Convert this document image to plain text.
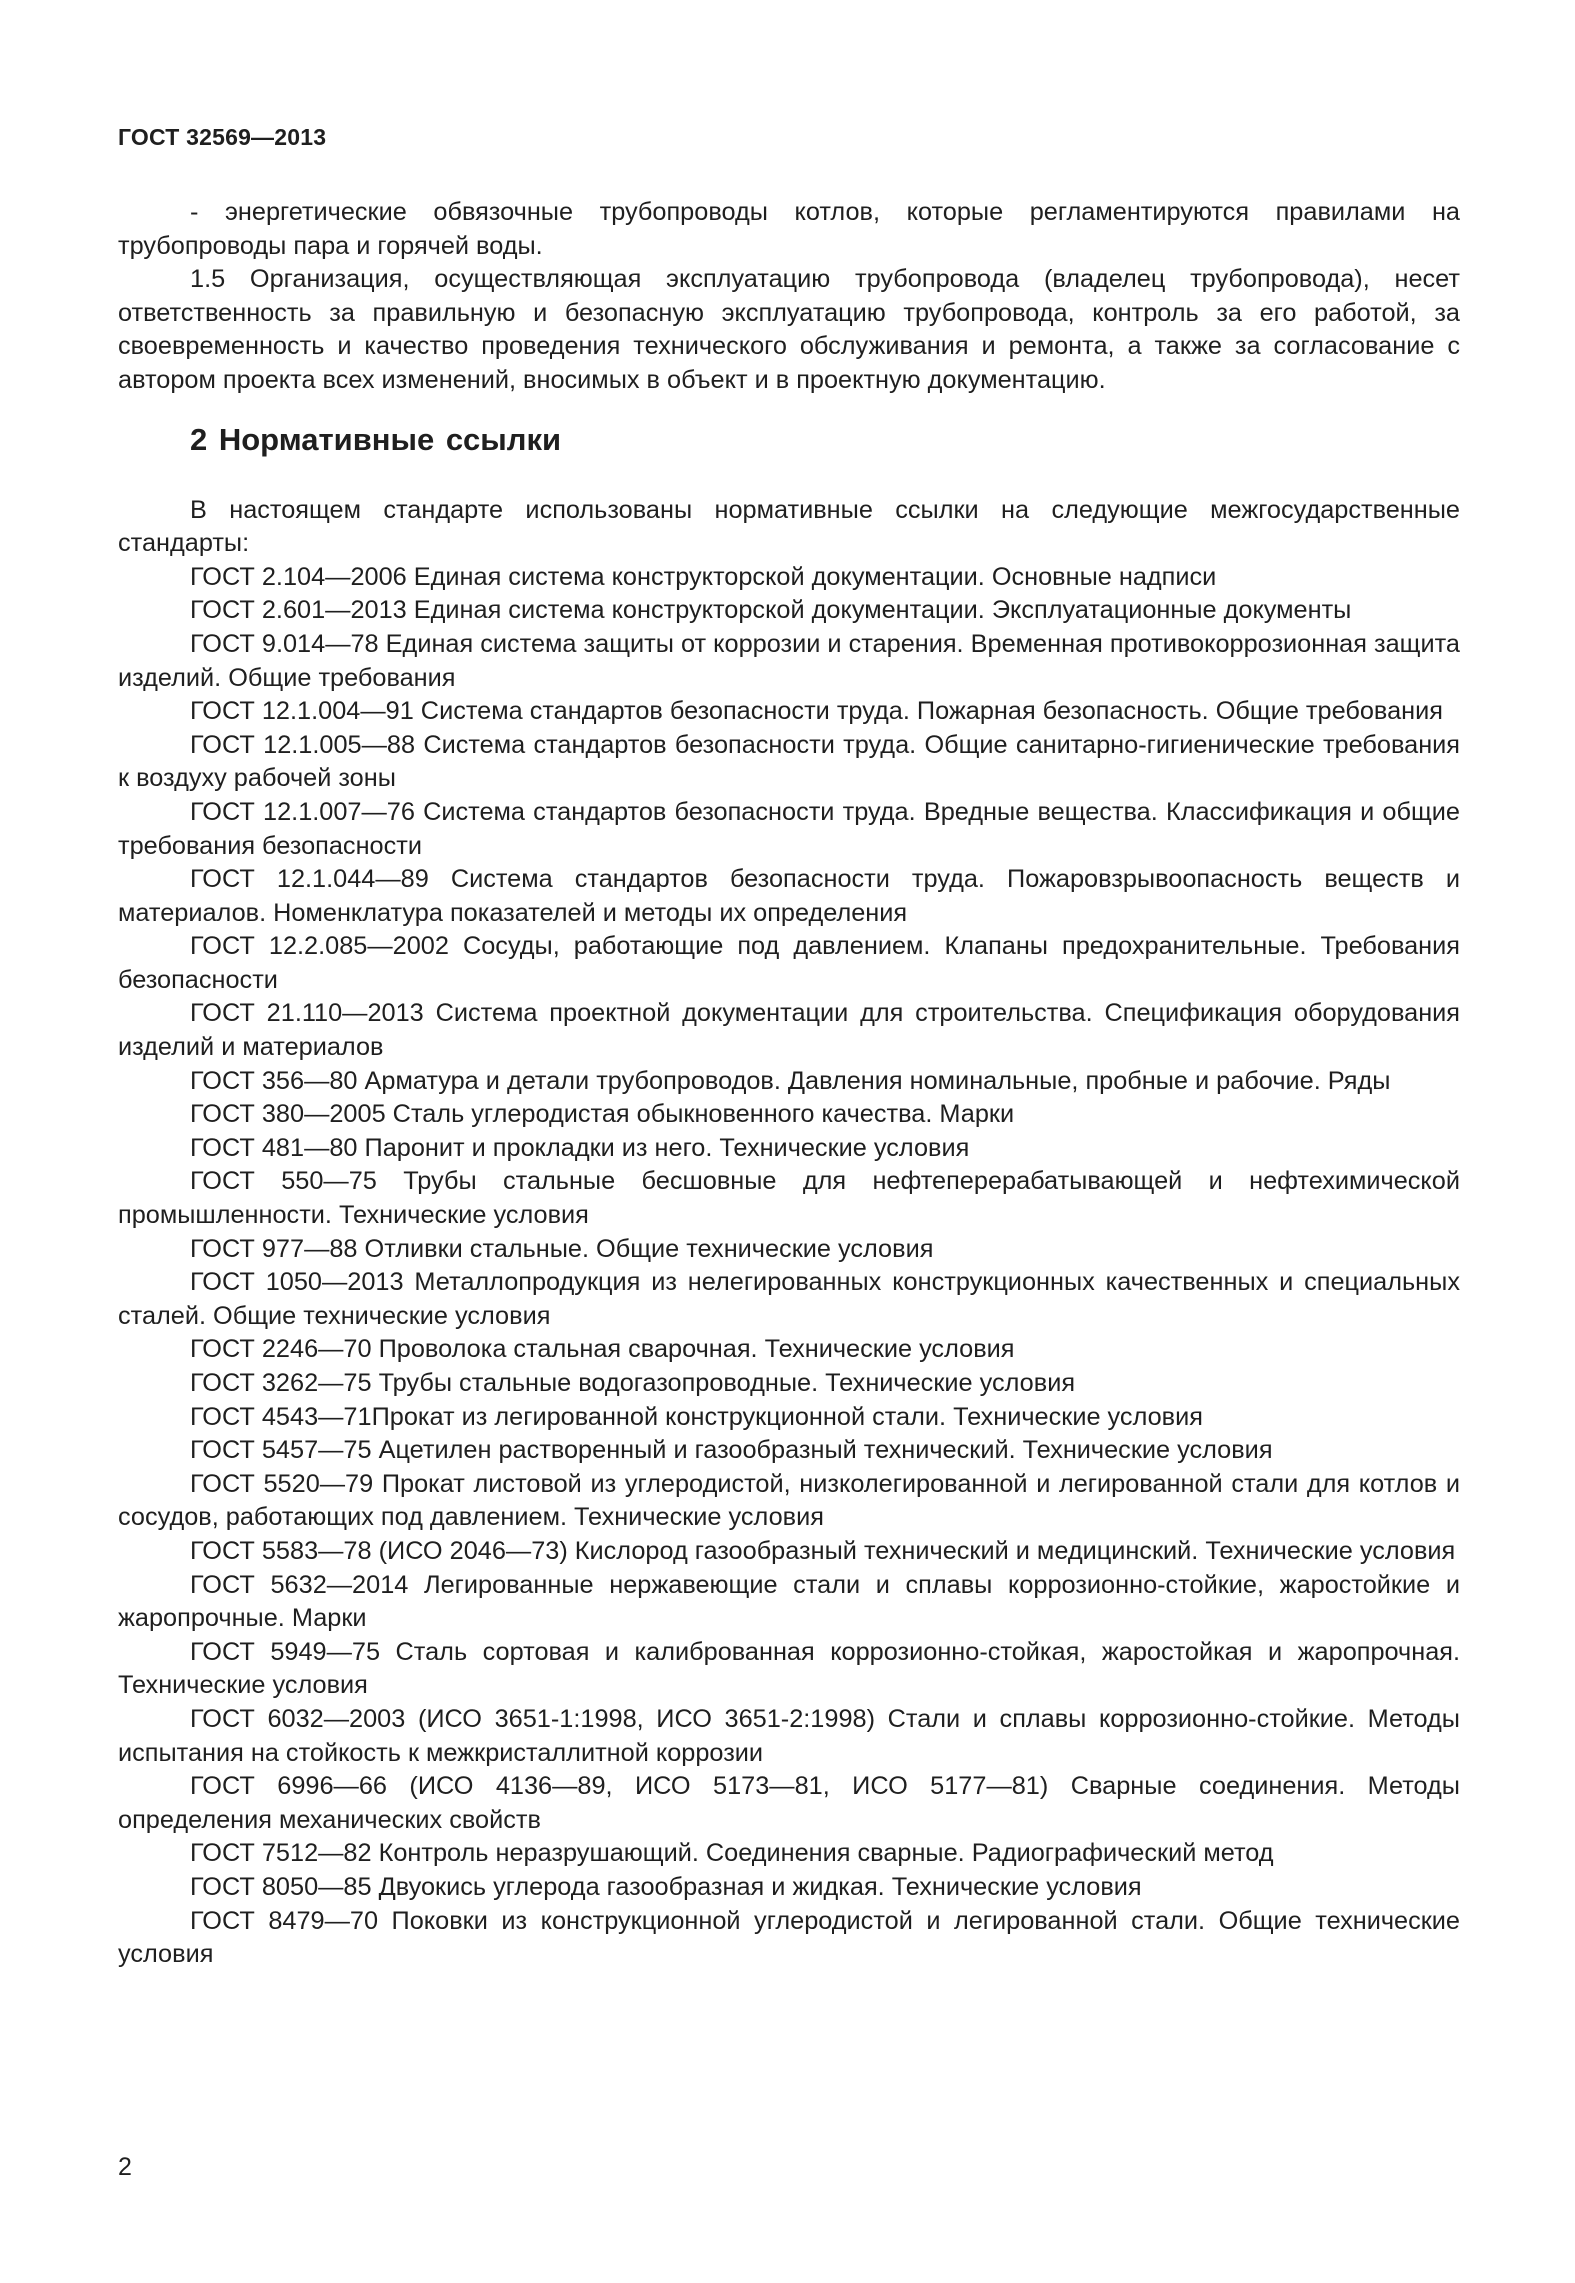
ГОСТ 32569—2013

- энергетические обвязочные трубопроводы котлов, которые регламентируются правилами на трубопроводы пара и горячей воды.

1.5 Организация, осуществляющая эксплуатацию трубопровода (владелец трубопровода), несет ответственность за правильную и безопасную эксплуатацию трубопровода, контроль за его работой, за своевременность и качество проведения технического обслуживания и ремонта, а также за согласование с автором проекта всех изменений, вносимых в объект и в проектную документацию.

2 Нормативные ссылки

В настоящем стандарте использованы нормативные ссылки на следующие межгосударственные стандарты:

ГОСТ 2.104—2006 Единая система конструкторской документации. Основные надписи

ГОСТ 2.601—2013 Единая система конструкторской документации. Эксплуатационные документы

ГОСТ 9.014—78 Единая система защиты от коррозии и старения. Временная противокоррозионная защита изделий. Общие требования

ГОСТ 12.1.004—91 Система стандартов безопасности труда. Пожарная безопасность. Общие требования

ГОСТ 12.1.005—88 Система стандартов безопасности труда. Общие санитарно-гигиенические требования к воздуху рабочей зоны

ГОСТ 12.1.007—76 Система стандартов безопасности труда. Вредные вещества. Классификация и общие требования безопасности

ГОСТ 12.1.044—89 Система стандартов безопасности труда. Пожаровзрывоопасность веществ и материалов. Номенклатура показателей и методы их определения

ГОСТ 12.2.085—2002 Сосуды, работающие под давлением. Клапаны предохранительные. Требования безопасности

ГОСТ 21.110—2013 Система проектной документации для строительства. Спецификация оборудования изделий и материалов

ГОСТ 356—80 Арматура и детали трубопроводов. Давления номинальные, пробные и рабочие. Ряды

ГОСТ 380—2005 Сталь углеродистая обыкновенного качества. Марки

ГОСТ 481—80 Паронит и прокладки из него. Технические условия

ГОСТ 550—75 Трубы стальные бесшовные для нефтеперерабатывающей и нефтехимической промышленности. Технические условия

ГОСТ 977—88 Отливки стальные. Общие технические условия

ГОСТ 1050—2013 Металлопродукция из нелегированных конструкционных качественных и специальных сталей. Общие технические условия

ГОСТ 2246—70 Проволока стальная сварочная. Технические условия

ГОСТ 3262—75 Трубы стальные водогазопроводные. Технические условия

ГОСТ 4543—71Прокат из легированной конструкционной стали. Технические условия

ГОСТ 5457—75 Ацетилен растворенный и газообразный технический. Технические условия

ГОСТ 5520—79 Прокат листовой из углеродистой, низколегированной и легированной стали для котлов и сосудов, работающих под давлением. Технические условия

ГОСТ 5583—78 (ИСО 2046—73) Кислород газообразный технический и медицинский. Технические условия

ГОСТ 5632—2014 Легированные нержавеющие стали и сплавы коррозионно-стойкие, жаростойкие и жаропрочные. Марки

ГОСТ 5949—75 Сталь сортовая и калиброванная коррозионно-стойкая, жаростойкая и жаропрочная. Технические условия

ГОСТ 6032—2003 (ИСО 3651-1:1998, ИСО 3651-2:1998) Стали и сплавы коррозионно-стойкие. Методы испытания на стойкость к межкристаллитной коррозии

ГОСТ 6996—66 (ИСО 4136—89, ИСО 5173—81, ИСО 5177—81) Сварные соединения. Методы определения механических свойств

ГОСТ 7512—82 Контроль неразрушающий. Соединения сварные. Радиографический метод

ГОСТ 8050—85 Двуокись углерода газообразная и жидкая. Технические условия

ГОСТ 8479—70 Поковки из конструкционной углеродистой и легированной стали. Общие технические условия

2
